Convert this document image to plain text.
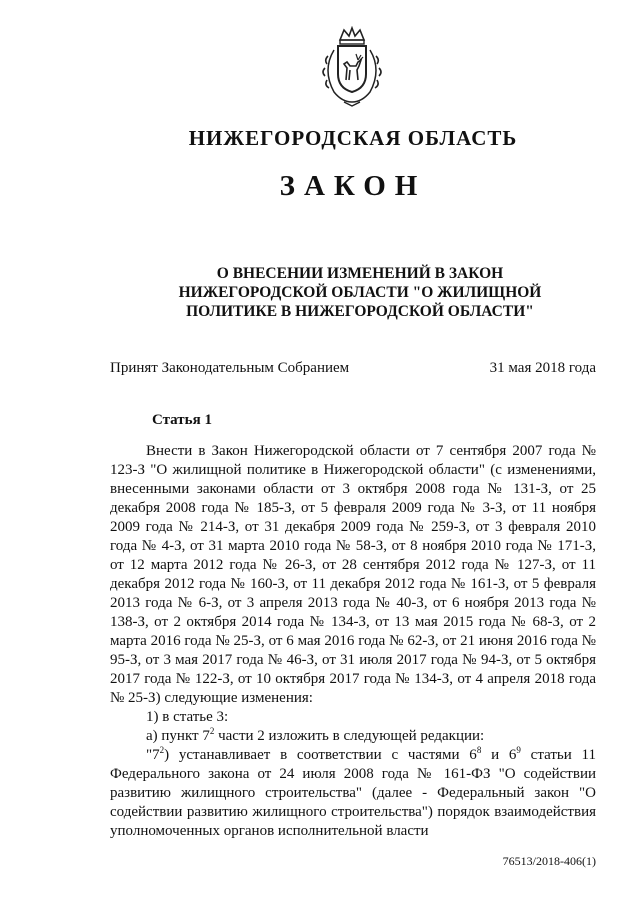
НИЖЕГОРОДСКАЯ ОБЛАСТЬ
ЗАКОН
О ВНЕСЕНИИ ИЗМЕНЕНИЙ В ЗАКОН
НИЖЕГОРОДСКОЙ ОБЛАСТИ "О ЖИЛИЩНОЙ
ПОЛИТИКЕ В НИЖЕГОРОДСКОЙ ОБЛАСТИ"
Принят Законодательным Собранием	31 мая 2018 года
Статья 1

Внести в Закон Нижегородской области от 7 сентября 2007 года № 123-З "О жилищной политике в Нижегородской области" (с изменениями, внесенными законами области от 3 октября 2008 года № 131-З, от 25 декабря 2008 года № 185-З, от 5 февраля 2009 года № 3-З, от 11 ноября 2009 года № 214-З, от 31 декабря 2009 года № 259-З, от 3 февраля 2010 года № 4-З, от 31 марта 2010 года № 58-З, от 8 ноября 2010 года № 171-З, от 12 марта 2012 года № 26-З, от 28 сентября 2012 года № 127-З, от 11 декабря 2012 года № 160-З, от 11 декабря 2012 года № 161-З, от 5 февраля 2013 года № 6-З, от 3 апреля 2013 года № 40-З, от 6 ноября 2013 года № 138-З, от 2 октября 2014 года № 134-З, от 13 мая 2015 года № 68-З, от 2 марта 2016 года № 25-З, от 6 мая 2016 года № 62-З, от 21 июня 2016 года № 95-З, от 3 мая 2017 года № 46-З, от 31 июля 2017 года № 94-З, от 5 октября 2017 года № 122-З, от 10 октября 2017 года № 134-З, от 4 апреля 2018 года № 25-З) следующие изменения:

1) в статье 3:

а) пункт $7^2$ части 2 изложить в следующей редакции:

"$7^2$) устанавливает в соответствии с частями $6^8$ и $6^9$ статьи 11 Федерального закона от 24 июля 2008 года № 161-ФЗ "О содействии развитию жилищного строительства" (далее - Федеральный закон "О содействии развитию жилищного строительства") порядок взаимодействия уполномоченных органов исполнительной власти

76513/2018-406(1)
